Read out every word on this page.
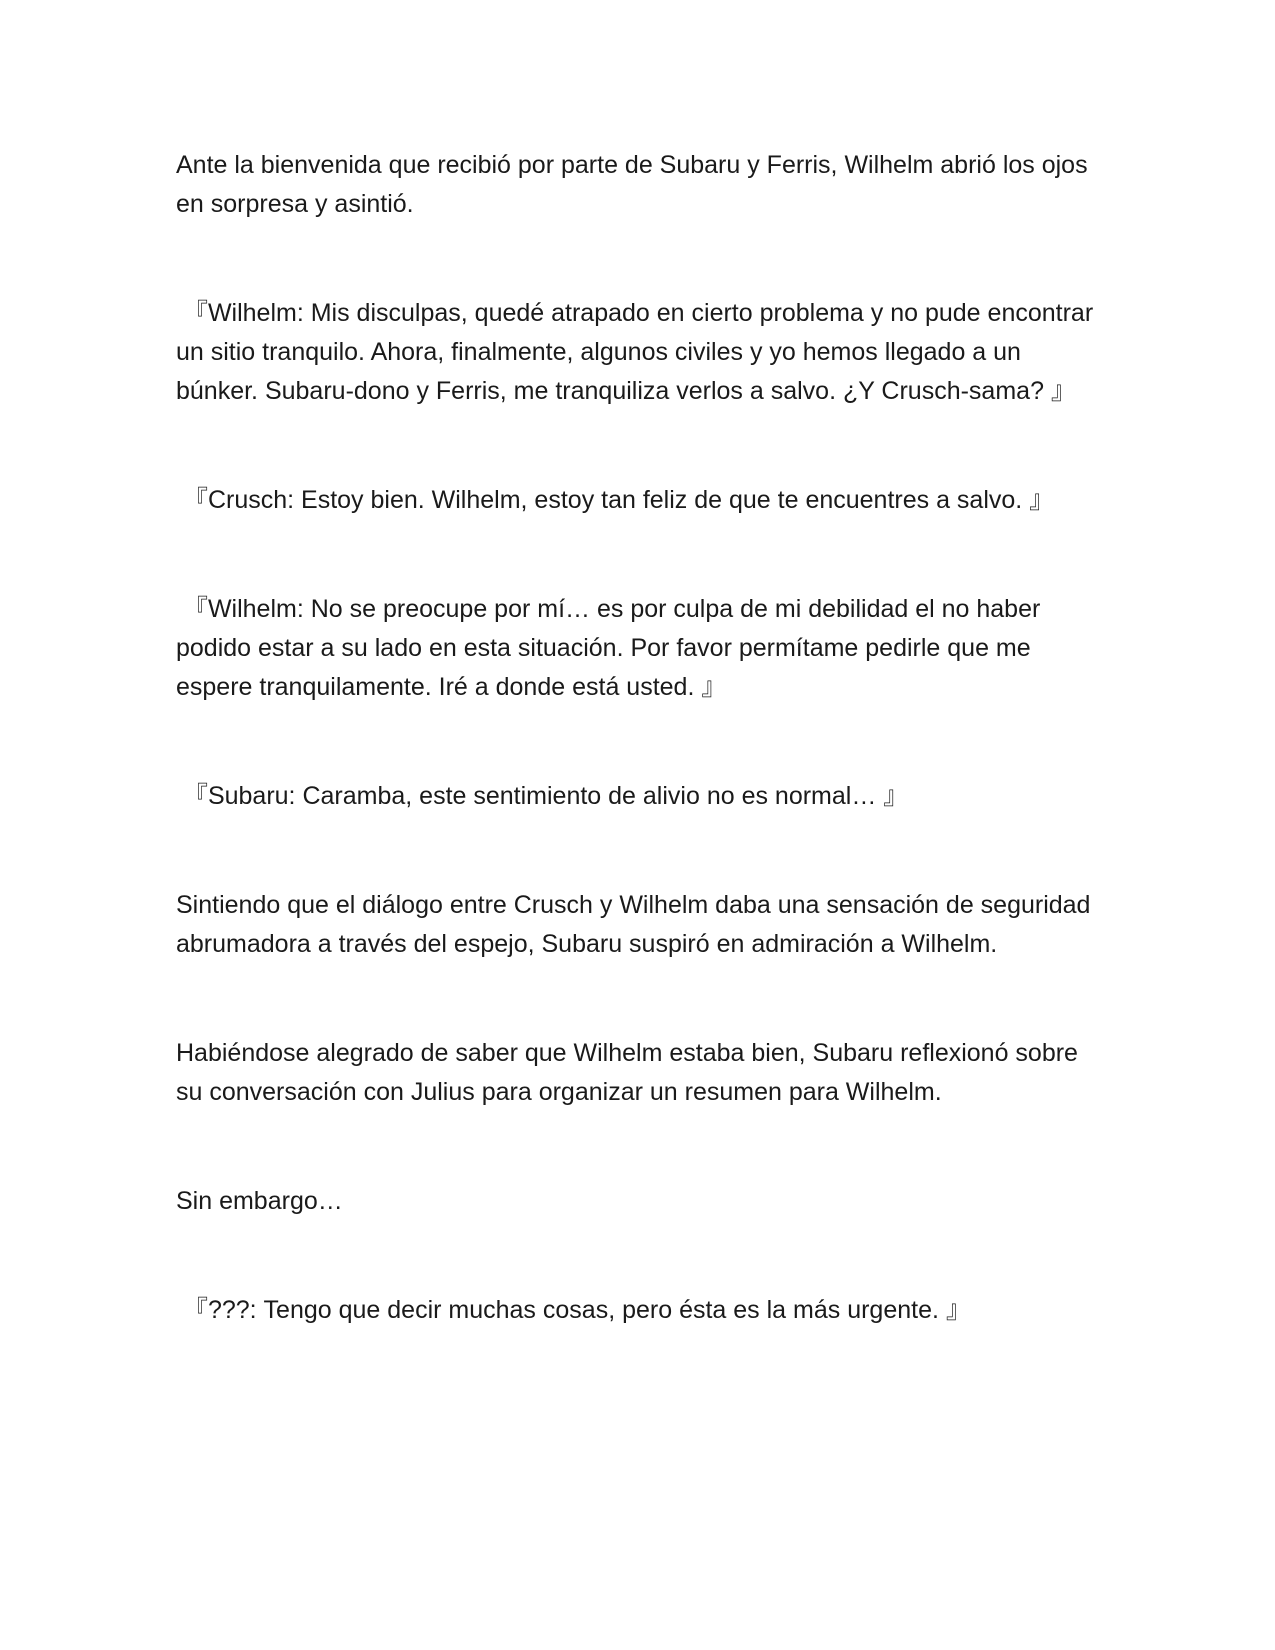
Ante la bienvenida que recibió por parte de Subaru y Ferris, Wilhelm abrió los ojos en sorpresa y asintió.

『Wilhelm: Mis disculpas, quedé atrapado en cierto problema y no pude encontrar un sitio tranquilo. Ahora, finalmente, algunos civiles y yo hemos llegado a un búnker. Subaru-dono y Ferris, me tranquiliza verlos a salvo. ¿Y Crusch-sama? 』

『Crusch: Estoy bien. Wilhelm, estoy tan feliz de que te encuentres a salvo. 』

『Wilhelm: No se preocupe por mí… es por culpa de mi debilidad el no haber podido estar a su lado en esta situación. Por favor permítame pedirle que me espere tranquilamente. Iré a donde está usted. 』

『Subaru: Caramba, este sentimiento de alivio no es normal… 』

Sintiendo que el diálogo entre Crusch y Wilhelm daba una sensación de seguridad abrumadora a través del espejo, Subaru suspiró en admiración a Wilhelm.

Habiéndose alegrado de saber que Wilhelm estaba bien, Subaru reflexionó sobre su conversación con Julius para organizar un resumen para Wilhelm.

Sin embargo…

『???: Tengo que decir muchas cosas, pero ésta es la más urgente. 』
